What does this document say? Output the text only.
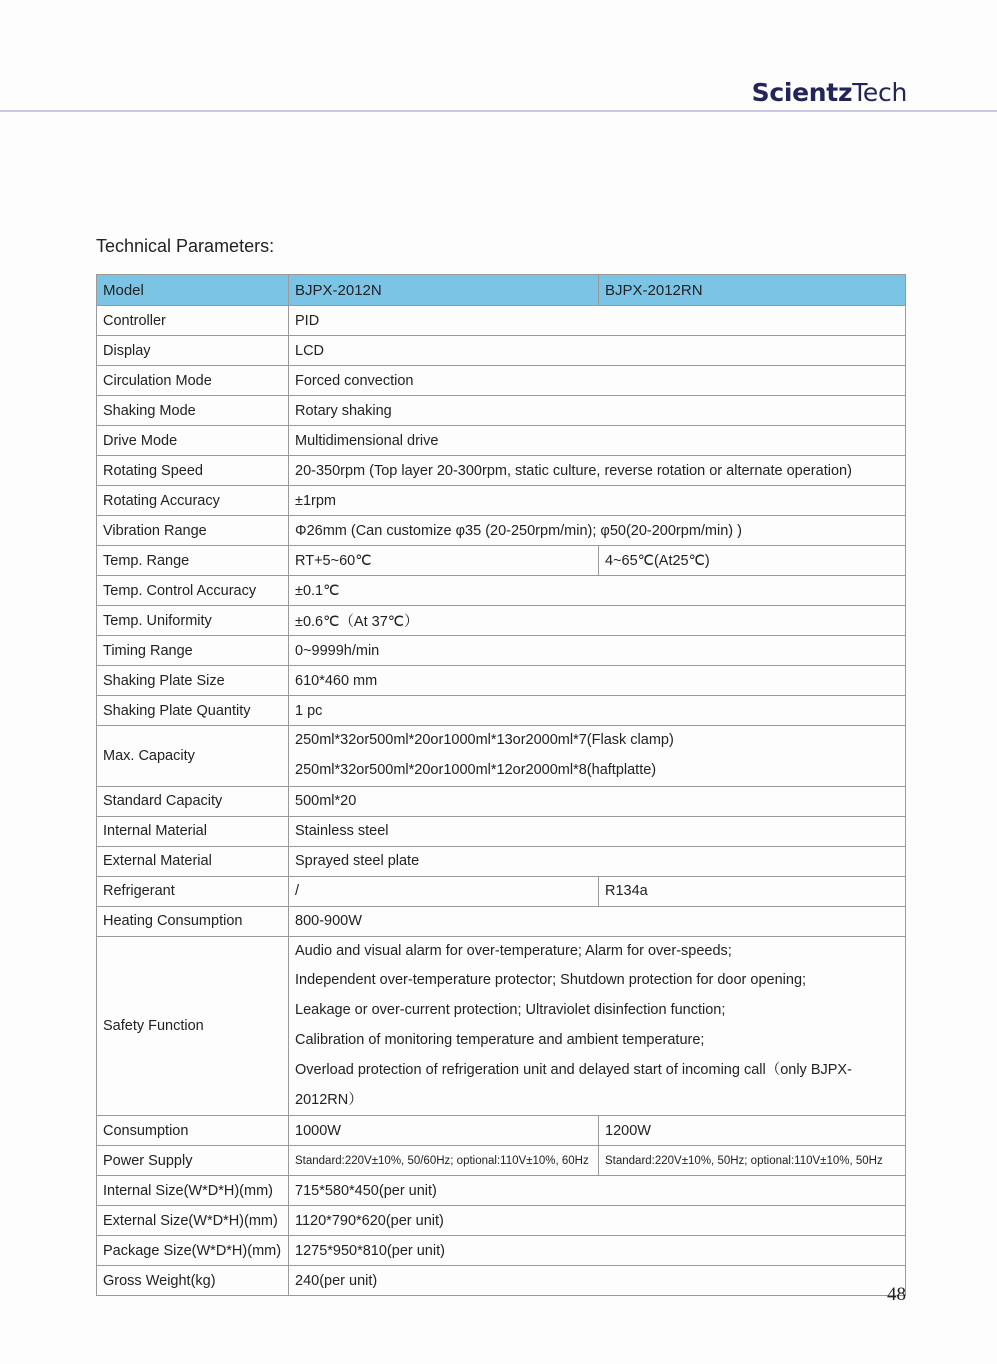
ScientzTech
Technical Parameters:
Model	BJPX-2012N	BJPX-2012RN
Controller	PID	
Display	LCD	
Circulation Mode	Forced convection	
Shaking Mode	Rotary shaking	
Drive Mode	Multidimensional drive	
Rotating Speed	20-350rpm (Top layer 20-300rpm, static culture, reverse rotation or alternate operation)	
Rotating Accuracy	±1rpm	
Vibration Range	Φ26mm (Can customize φ35 (20-250rpm/min); φ50(20-200rpm/min) )	
Temp. Range	RT+5~60℃	4~65℃(At25℃)
Temp. Control Accuracy	±0.1℃	
Temp. Uniformity	±0.6℃（At 37℃）	
Timing Range	0~9999h/min	
Shaking Plate Size	610*460 mm	
Shaking Plate Quantity	1 pc	
Max. Capacity	250ml*32or500ml*20or1000ml*13or2000ml*7(Flask clamp)
250ml*32or500ml*20or1000ml*12or2000ml*8(haftplatte)	

Standard Capacity	500ml*20	
Internal Material	Stainless steel	
External Material	Sprayed steel plate	
Refrigerant	/	R134a
Heating Consumption	800-900W	
Safety Function	Audio and visual alarm for over-temperature; Alarm for over-speeds;
Independent over-temperature protector; Shutdown protection for door opening;
Leakage or over-current protection; Ultraviolet disinfection function;
Calibration of monitoring temperature and ambient temperature;
Overload protection of refrigeration unit and delayed start of incoming call（only BJPX-2012RN）	

Consumption	1000W	1200W
Power Supply	Standard:220V±10%, 50/60Hz; optional:110V±10%, 60Hz	Standard:220V±10%, 50Hz; optional:110V±10%, 50Hz
Internal Size(W*D*H)(mm)	715*580*450(per unit)	
External Size(W*D*H)(mm)	1120*790*620(per unit)	
Package Size(W*D*H)(mm)	1275*950*810(per unit)	
Gross Weight(kg)	240(per unit)	
48
